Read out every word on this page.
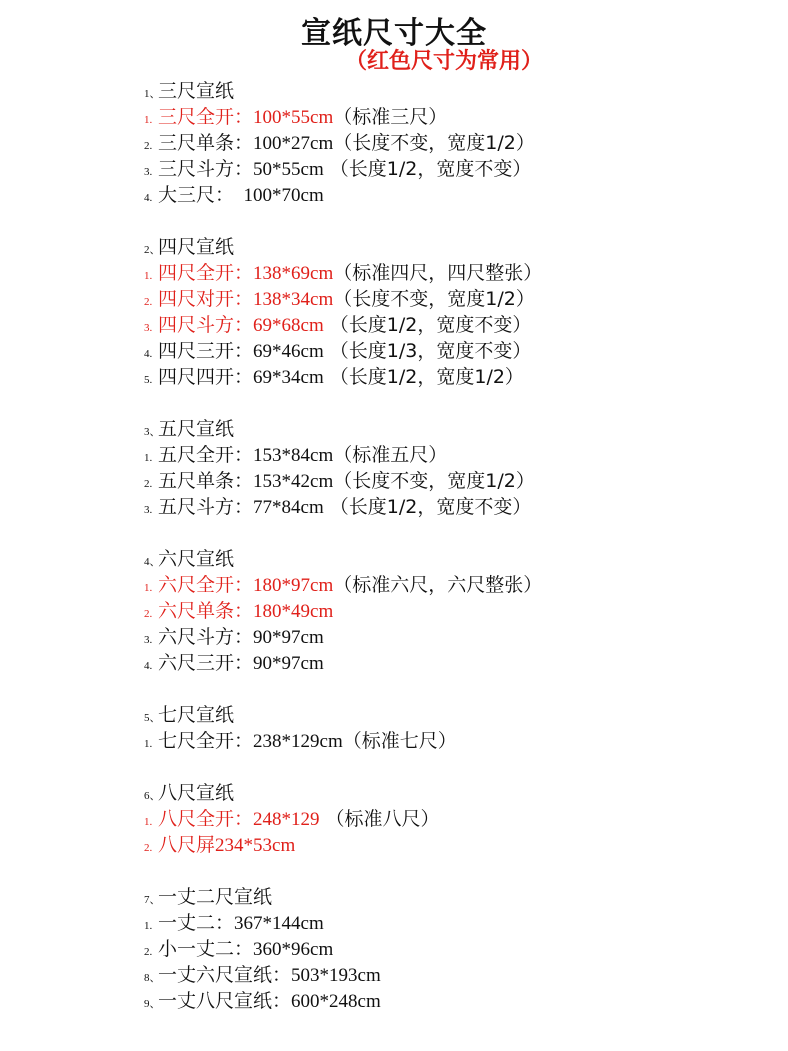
宣纸尺寸大全
（红色尺寸为常用）
1、三尺宣纸
1. 三尺全开：100*55cm（标准三尺）
2. 三尺单条：100*27cm（长度不变，宽度1/2）
3. 三尺斗方：50*55cm （长度1/2，宽度不变）
4. 大三尺：  100*70cm
2、四尺宣纸
1. 四尺全开：138*69cm（标准四尺，四尺整张）
2. 四尺对开：138*34cm（长度不变，宽度1/2）
3. 四尺斗方：69*68cm （长度1/2，宽度不变）
4. 四尺三开：69*46cm （长度1/3，宽度不变）
5. 四尺四开：69*34cm （长度1/2，宽度1/2）
3、五尺宣纸
1. 五尺全开：153*84cm（标准五尺）
2. 五尺单条：153*42cm（长度不变，宽度1/2）
3. 五尺斗方：77*84cm （长度1/2，宽度不变）
4、六尺宣纸
1. 六尺全开：180*97cm（标准六尺，六尺整张）
2. 六尺单条：180*49cm
3. 六尺斗方：90*97cm
4. 六尺三开：90*97cm
5、七尺宣纸
1. 七尺全开：238*129cm（标准七尺）
6、八尺宣纸
1. 八尺全开：248*129 （标准八尺）
2. 八尺屏234*53cm
7、一丈二尺宣纸
1. 一丈二：367*144cm
2. 小一丈二：360*96cm
8、一丈六尺宣纸：503*193cm
9、一丈八尺宣纸：600*248cm
